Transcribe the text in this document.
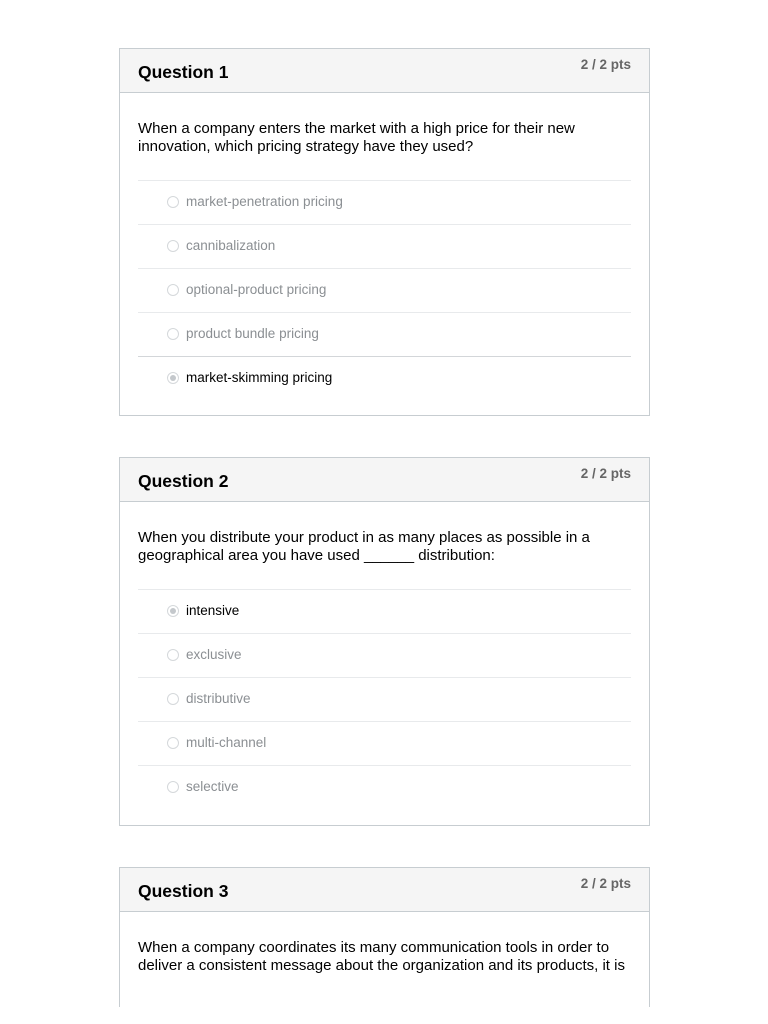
Question 1	2 / 2 pts
When a company enters the market with a high price for their new innovation, which pricing strategy have they used?
market-penetration pricing
cannibalization
optional-product pricing
product bundle pricing
market-skimming pricing
Question 2	2 / 2 pts
When you distribute your product in as many places as possible in a geographical area you have used ______ distribution:
intensive
exclusive
distributive
multi-channel
selective
Question 3	2 / 2 pts
When a company coordinates its many communication tools in order to deliver a consistent message about the organization and its products, it is
